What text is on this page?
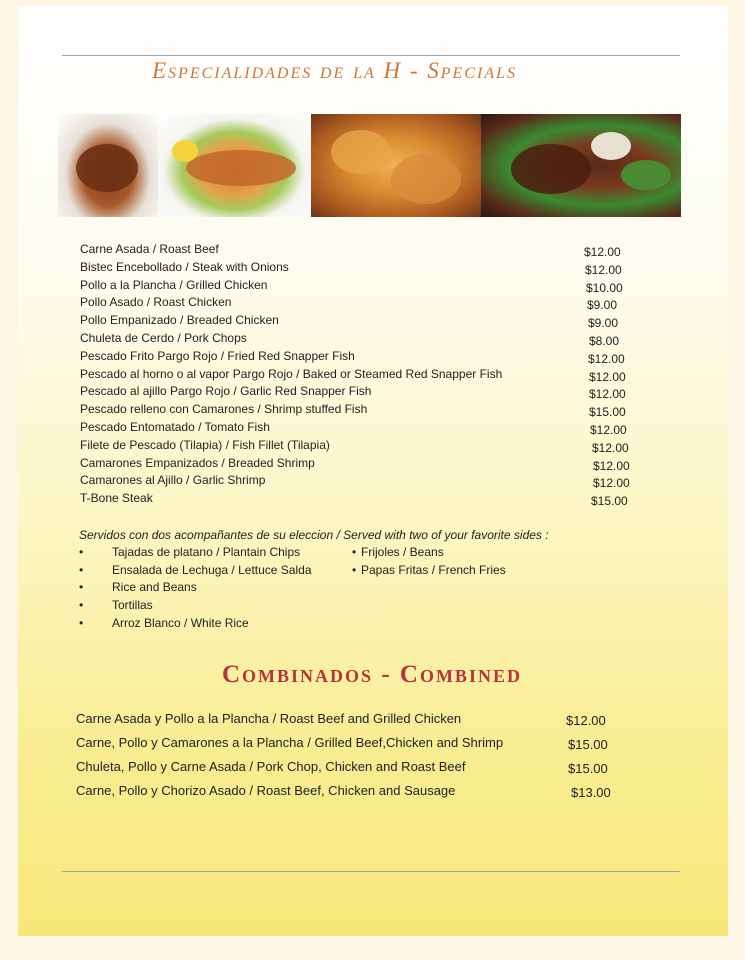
Especialidades de la H - Specials
Carne Asada / Roast Beef	$12.00
Bistec Encebollado / Steak with Onions	$12.00
Pollo a la Plancha / Grilled Chicken	$10.00
Pollo Asado / Roast Chicken	$9.00
Pollo Empanizado / Breaded Chicken	$9.00
Chuleta de Cerdo / Pork Chops	$8.00
Pescado Frito Pargo Rojo / Fried Red Snapper Fish	$12.00
Pescado al horno o al vapor Pargo Rojo / Baked or Steamed Red Snapper Fish	$12.00
Pescado al ajillo Pargo Rojo / Garlic Red Snapper Fish	$12.00
Pescado relleno con Camarones / Shrimp stuffed Fish	$15.00
Pescado Entomatado / Tomato Fish	$12.00
Filete de Pescado (Tilapia) / Fish Fillet (Tilapia)	$12.00
Camarones Empanizados / Breaded Shrimp	$12.00
Camarones al Ajillo / Garlic Shrimp	$12.00
T-Bone Steak	$15.00
Servidos con dos acompañantes de su eleccion / Served with two of your favorite sides :
• Tajadas de platano / Plantain Chips
• Ensalada de Lechuga / Lettuce Salda
• Rice and Beans
• Tortillas
• Arroz Blanco / White Rice
• Frijoles / Beans
• Papas Fritas / French Fries
Combinados - Combined
Carne Asada y Pollo a la Plancha / Roast Beef and Grilled Chicken	$12.00
Carne, Pollo y Camarones a la Plancha / Grilled Beef,Chicken and Shrimp	$15.00
Chuleta, Pollo y Carne Asada / Pork Chop, Chicken and Roast Beef	$15.00
Carne, Pollo y Chorizo Asado / Roast Beef, Chicken and Sausage	$13.00
